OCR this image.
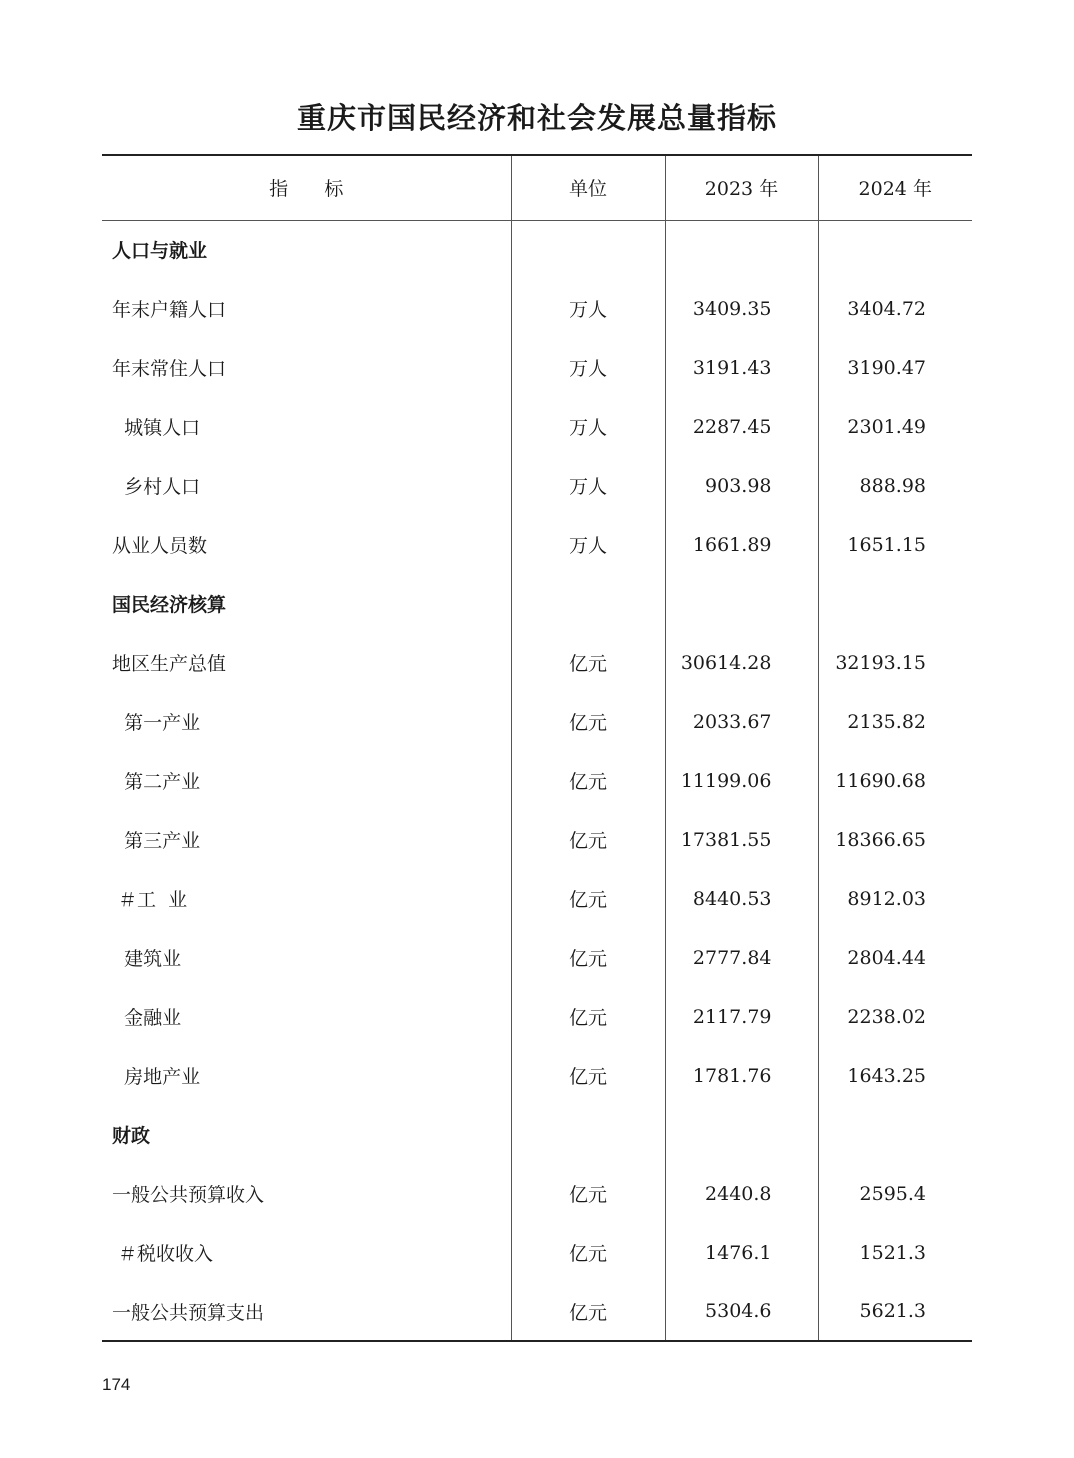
重庆市国民经济和社会发展总量指标
指      标	单位	2023 年	2024 年
人口与就业			
年末户籍人口	万人	3409.35	3404.72
年末常住人口	万人	3191.43	3190.47
城镇人口	万人	2287.45	2301.49
乡村人口	万人	903.98	888.98
从业人员数	万人	1661.89	1651.15
国民经济核算			
地区生产总值	亿元	30614.28	32193.15
第一产业	亿元	2033.67	2135.82
第二产业	亿元	11199.06	11690.68
第三产业	亿元	17381.55	18366.65
＃工  业	亿元	8440.53	8912.03
建筑业	亿元	2777.84	2804.44
金融业	亿元	2117.79	2238.02
房地产业	亿元	1781.76	1643.25
财政			
一般公共预算收入	亿元	2440.8	2595.4
＃税收收入	亿元	1476.1	1521.3
一般公共预算支出	亿元	5304.6	5621.3
174
